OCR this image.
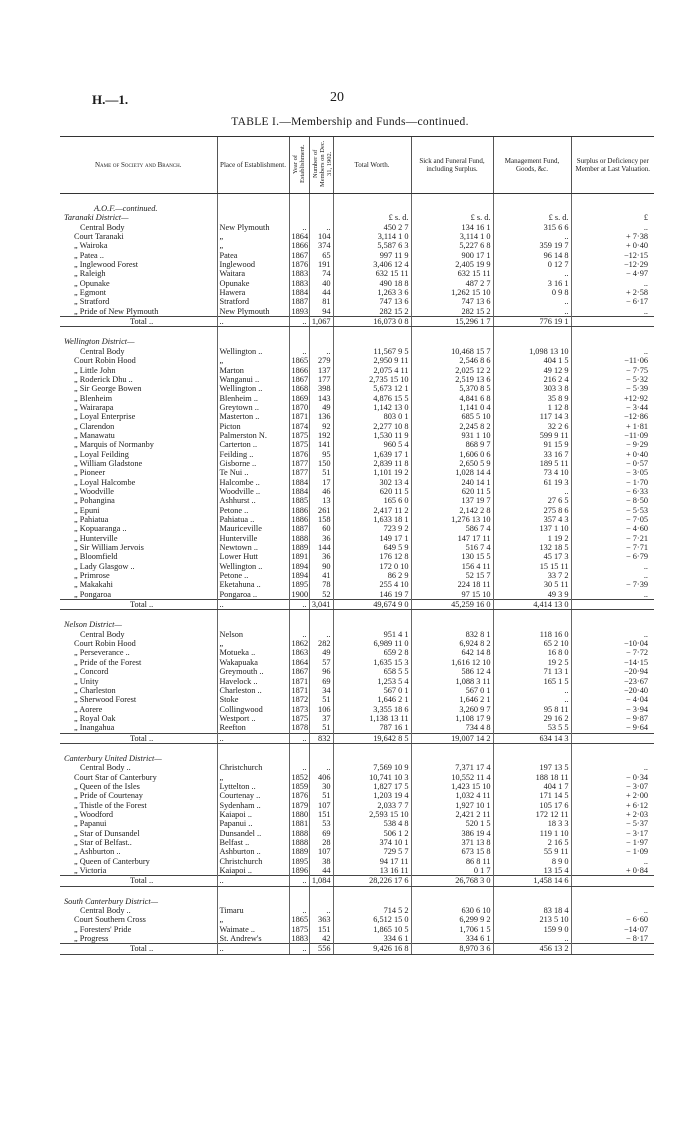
H.—1.	20
TABLE I.—Membership and Funds—continued.
Name of Society and Branch.	Place of Establishment.	Year of Establishment.	Number of Members on Dec. 31, 1902.	Total Worth.	Sick and Funeral Fund, including Surplus.	Management Fund, Goods, &c.	Surplus or Deficiency per Member at Last Valuation.

A.O.F.—continued.							
Taranaki District—				£ s. d.	£ s. d.	£ s. d.	£
Central Body	New Plymouth	..	..	450 2 7	134 16 1	315 6 6	..
Court Taranaki	„	1864	104	3,114 1 0	3,114 1 0	..	+ 7·38
„ Wairoka	„	1866	374	5,587 6 3	5,227 6 8	359 19 7	+ 0·40
„ Patea ..	Patea	1867	65	997 11 9	900 17 1	96 14 8	−12·15
„ Inglewood Forest	Inglewood	1876	191	3,406 12 4	2,405 19 9	0 12 7	−12·29
„ Raleigh	Waitara	1883	74	632 15 11	632 15 11	..	− 4·97
„ Opunake	Opunake	1883	40	490 18 8	487 2 7	3 16 1	..
„ Egmont	Hawera	1884	44	1,263 3 6	1,262 15 10	0 9 8	+ 2·58
„ Stratford	Stratford	1887	81	747 13 6	747 13 6	..	− 6·17
„ Pride of New Plymouth	New Plymouth	1893	94	282 15 2	282 15 2	..	..
Total ..	..	..	1,067	16,073 0 8	15,296 1 7	776 19 1	

Wellington District—							
Central Body	Wellington ..	..	..	11,567 9 5	10,468 15 7	1,098 13 10	..
Court Robin Hood	„	1865	279	2,950 9 11	2,546 8 6	404 1 5	−11·06
„ Little John	Marton	1866	137	2,075 4 11	2,025 12 2	49 12 9	− 7·75
„ Roderick Dhu ..	Wanganui ..	1867	177	2,735 15 10	2,519 13 6	216 2 4	− 5·32
„ Sir George Bowen	Wellington ..	1868	398	5,673 12 1	5,370 8 5	303 3 8	− 5·39
„ Blenheim	Blenheim ..	1869	143	4,876 15 5	4,841 6 8	35 8 9	+12·92
„ Wairarapa	Greytown ..	1870	49	1,142 13 0	1,141 0 4	1 12 8	− 3·44
„ Loyal Enterprise	Masterton ..	1871	136	803 0 1	685 5 10	117 14 3	−12·86
„ Clarendon	Picton	1874	92	2,277 10 8	2,245 8 2	32 2 6	+ 1·81
„ Manawatu	Palmerston N.	1875	192	1,530 11 9	931 1 10	599 9 11	−11·09
„ Marquis of Normanby	Carterton ..	1875	141	960 5 4	868 9 7	91 15 9	− 9·29
„ Loyal Feilding	Feilding ..	1876	95	1,639 17 1	1,606 0 6	33 16 7	+ 0·40
„ William Gladstone	Gisborne ..	1877	150	2,839 11 8	2,650 5 9	189 5 11	− 0·57
„ Pioneer	Te Nui ..	1877	51	1,101 19 2	1,028 14 4	73 4 10	− 3·05
„ Loyal Halcombe	Halcombe ..	1884	17	302 13 4	240 14 1	61 19 3	− 1·70
„ Woodville	Woodville ..	1884	46	620 11 5	620 11 5	..	− 6·33
„ Pohangina	Ashhurst ..	1885	13	165 6 0	137 19 7	27 6 5	− 8·50
„ Epuni	Petone ..	1886	261	2,417 11 2	2,142 2 8	275 8 6	− 5·53
„ Pahiatua	Pahiatua ..	1886	158	1,633 18 1	1,276 13 10	357 4 3	− 7·05
„ Kopuaranga ..	Mauriceville	1887	60	723 9 2	586 7 4	137 1 10	− 4·60
„ Hunterville	Hunterville	1888	36	149 17 1	147 17 11	1 19 2	− 7·21
„ Sir William Jervois	Newtown ..	1889	144	649 5 9	516 7 4	132 18 5	− 7·71
„ Bloomfield	Lower Hutt	1891	36	176 12 8	130 15 5	45 17 3	− 6·79
„ Lady Glasgow ..	Wellington ..	1894	90	172 0 10	156 4 11	15 15 11	..
„ Primrose	Petone ..	1894	41	86 2 9	52 15 7	33 7 2	..
„ Makakahi	Eketahuna ..	1895	78	255 4 10	224 18 11	30 5 11	− 7·39
„ Pongaroa	Pongaroa ..	1900	52	146 19 7	97 15 10	49 3 9	..
Total ..	..	..	3,041	49,674 9 0	45,259 16 0	4,414 13 0	

Nelson District—							
Central Body	Nelson	..	..	951 4 1	832 8 1	118 16 0	..
Court Robin Hood	„	1862	282	6,989 11 0	6,924 8 2	65 2 10	−10·04
„ Perseverance ..	Motueka ..	1863	49	659 2 8	642 14 8	16 8 0	− 7·72
„ Pride of the Forest	Wakapuaka	1864	57	1,635 15 3	1,616 12 10	19 2 5	−14·15
„ Concord	Greymouth ..	1867	96	658 5 5	586 12 4	71 13 1	−20·94
„ Unity	Havelock ..	1871	69	1,253 5 4	1,088 3 11	165 1 5	−23·67
„ Charleston	Charleston ..	1871	34	567 0 1	567 0 1	..	−20·40
„ Sherwood Forest	Stoke	1872	51	1,646 2 1	1,646 2 1	..	− 4·04
„ Aorere	Collingwood	1873	106	3,355 18 6	3,260 9 7	95 8 11	− 3·94
„ Royal Oak	Westport ..	1875	37	1,138 13 11	1,108 17 9	29 16 2	− 9·87
„ Inangahua	Reefton	1878	51	787 16 1	734 4 8	53 5 5	− 9·64
Total ..	..	..	832	19,642 8 5	19,007 14 2	634 14 3	

Canterbury United District—							
Central Body ..	Christchurch	..	..	7,569 10 9	7,371 17 4	197 13 5	..
Court Star of Canterbury	„	1852	406	10,741 10 3	10,552 11 4	188 18 11	− 0·34
„ Queen of the Isles	Lyttelton ..	1859	30	1,827 17 5	1,423 15 10	404 1 7	− 3·07
„ Pride of Courtenay	Courtenay ..	1876	51	1,203 19 4	1,032 4 11	171 14 5	+ 2·00
„ Thistle of the Forest	Sydenham ..	1879	107	2,033 7 7	1,927 10 1	105 17 6	+ 6·12
„ Woodford	Kaiapoi ..	1880	151	2,593 15 10	2,421 2 11	172 12 11	+ 2·03
„ Papanui	Papanui ..	1881	53	538 4 8	520 1 5	18 3 3	− 5·37
„ Star of Dunsandel	Dunsandel ..	1888	69	506 1 2	386 19 4	119 1 10	− 3·17
„ Star of Belfast..	Belfast ..	1888	28	374 10 1	371 13 8	2 16 5	− 1·97
„ Ashburton ..	Ashburton ..	1889	107	729 5 7	673 15 8	55 9 11	− 1·09
„ Queen of Canterbury	Christchurch	1895	38	94 17 11	86 8 11	8 9 0	..
„ Victoria	Kaiapoi ..	1896	44	13 16 11	0 1 7	13 15 4	+ 0·84
Total ..	..	..	1,084	28,226 17 6	26,768 3 0	1,458 14 6	

South Canterbury District—							
Central Body ..	Timaru	..	..	714 5 2	630 6 10	83 18 4	..
Court Southern Cross	„	1865	363	6,512 15 0	6,299 9 2	213 5 10	− 6·60
„ Foresters' Pride	Waimate ..	1875	151	1,865 10 5	1,706 1 5	159 9 0	−14·07
„ Progress	St. Andrew's	1883	42	334 6 1	334 6 1	..	− 8·17
Total ..	..	..	556	9,426 16 8	8,970 3 6	456 13 2	
